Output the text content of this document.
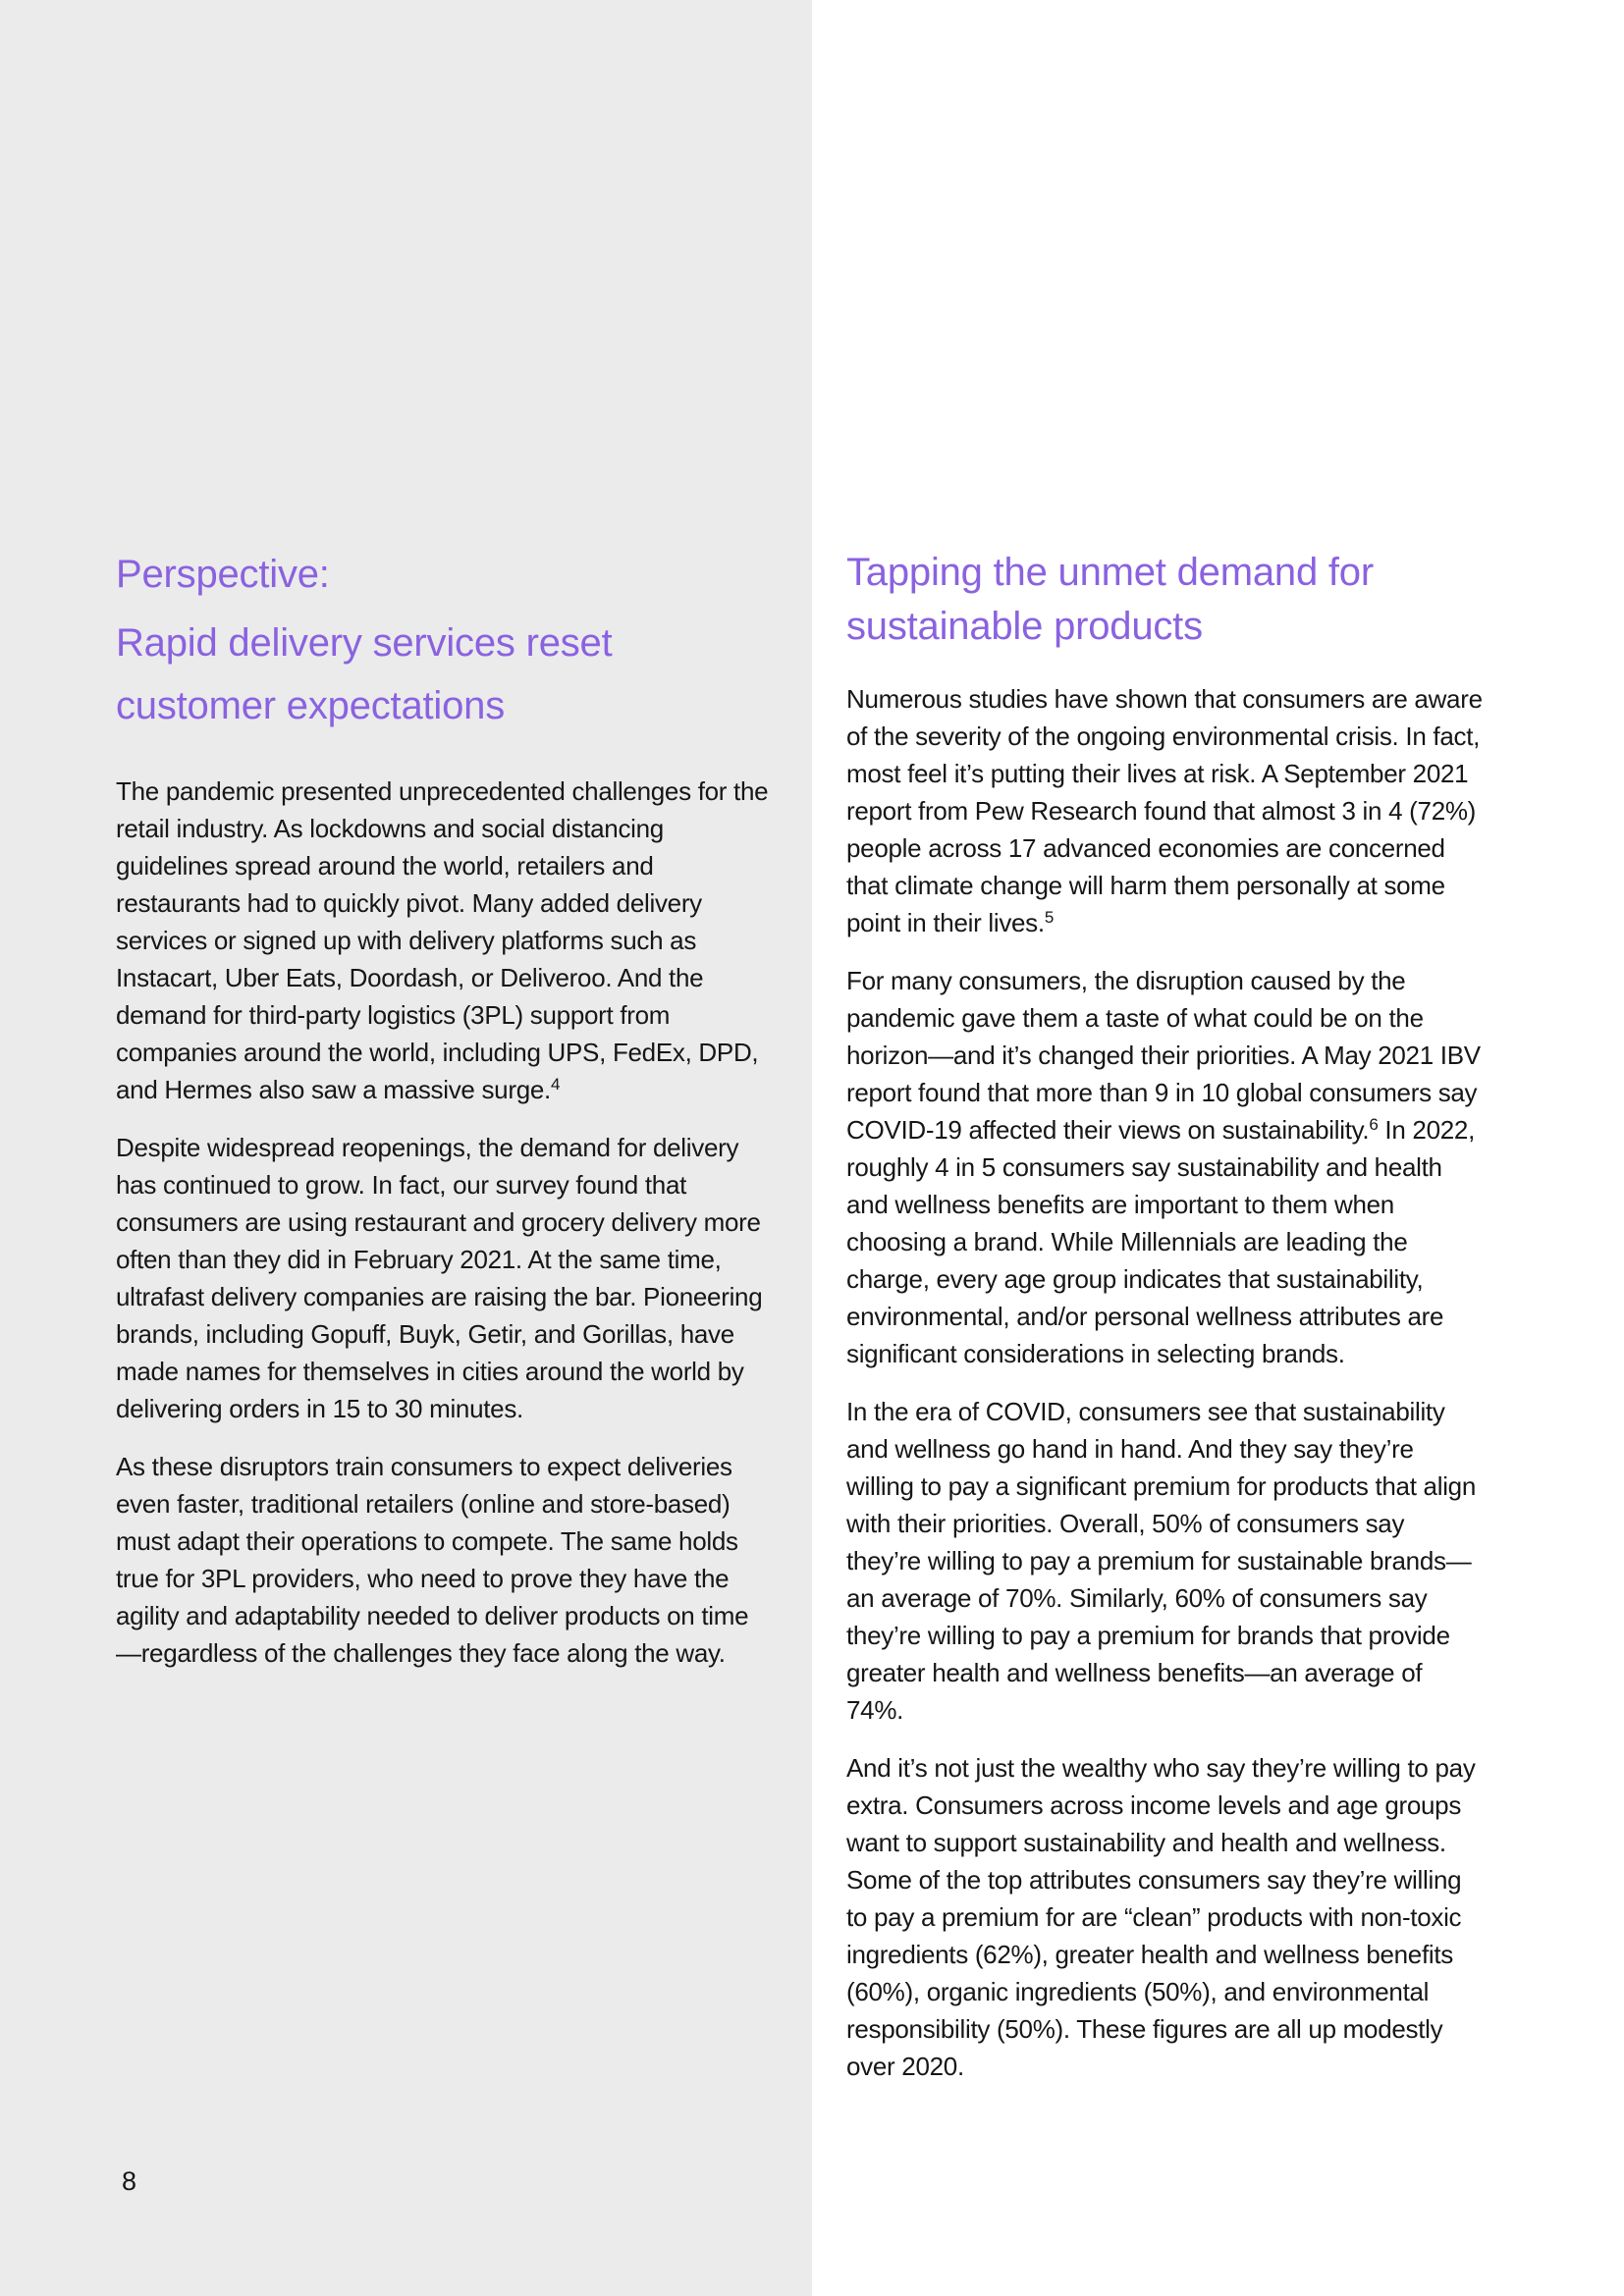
Perspective:
Rapid delivery services reset customer expectations

The pandemic presented unprecedented challenges for the retail industry. As lockdowns and social distancing guidelines spread around the world, retailers and restaurants had to quickly pivot. Many added delivery services or signed up with delivery platforms such as Instacart, Uber Eats, Doordash, or Deliveroo. And the demand for third-party logistics (3PL) support from companies around the world, including UPS, FedEx, DPD, and Hermes also saw a massive surge.$^4$

Despite widespread reopenings, the demand for delivery has continued to grow. In fact, our survey found that consumers are using restaurant and grocery delivery more often than they did in February 2021. At the same time, ultrafast delivery companies are raising the bar. Pioneering brands, including Gopuff, Buyk, Getir, and Gorillas, have made names for themselves in cities around the world by delivering orders in 15 to 30 minutes.

As these disruptors train consumers to expect deliveries even faster, traditional retailers (online and store-based) must adapt their operations to compete. The same holds true for 3PL providers, who need to prove they have the agility and adaptability needed to deliver products on time—regardless of the challenges they face along the way.

Tapping the unmet demand for sustainable products

Numerous studies have shown that consumers are aware of the severity of the ongoing environmental crisis. In fact, most feel it’s putting their lives at risk. A September 2021 report from Pew Research found that almost 3 in 4 (72%) people across 17 advanced economies are concerned that climate change will harm them personally at some point in their lives.$^5$

For many consumers, the disruption caused by the pandemic gave them a taste of what could be on the horizon—and it’s changed their priorities. A May 2021 IBV report found that more than 9 in 10 global consumers say COVID-19 affected their views on sustainability.$^6$ In 2022, roughly 4 in 5 consumers say sustainability and health and wellness benefits are important to them when choosing a brand. While Millennials are leading the charge, every age group indicates that sustainability, environmental, and/or personal wellness attributes are significant considerations in selecting brands.

In the era of COVID, consumers see that sustainability and wellness go hand in hand. And they say they’re willing to pay a significant premium for products that align with their priorities. Overall, 50% of consumers say they’re willing to pay a premium for sustainable brands—an average of 70%. Similarly, 60% of consumers say they’re willing to pay a premium for brands that provide greater health and wellness benefits—an average of 74%.

And it’s not just the wealthy who say they’re willing to pay extra. Consumers across income levels and age groups want to support sustainability and health and wellness. Some of the top attributes consumers say they’re willing to pay a premium for are “clean” products with non-toxic ingredients (62%), greater health and wellness benefits (60%), organic ingredients (50%), and environmental responsibility (50%). These figures are all up modestly over 2020.

8
